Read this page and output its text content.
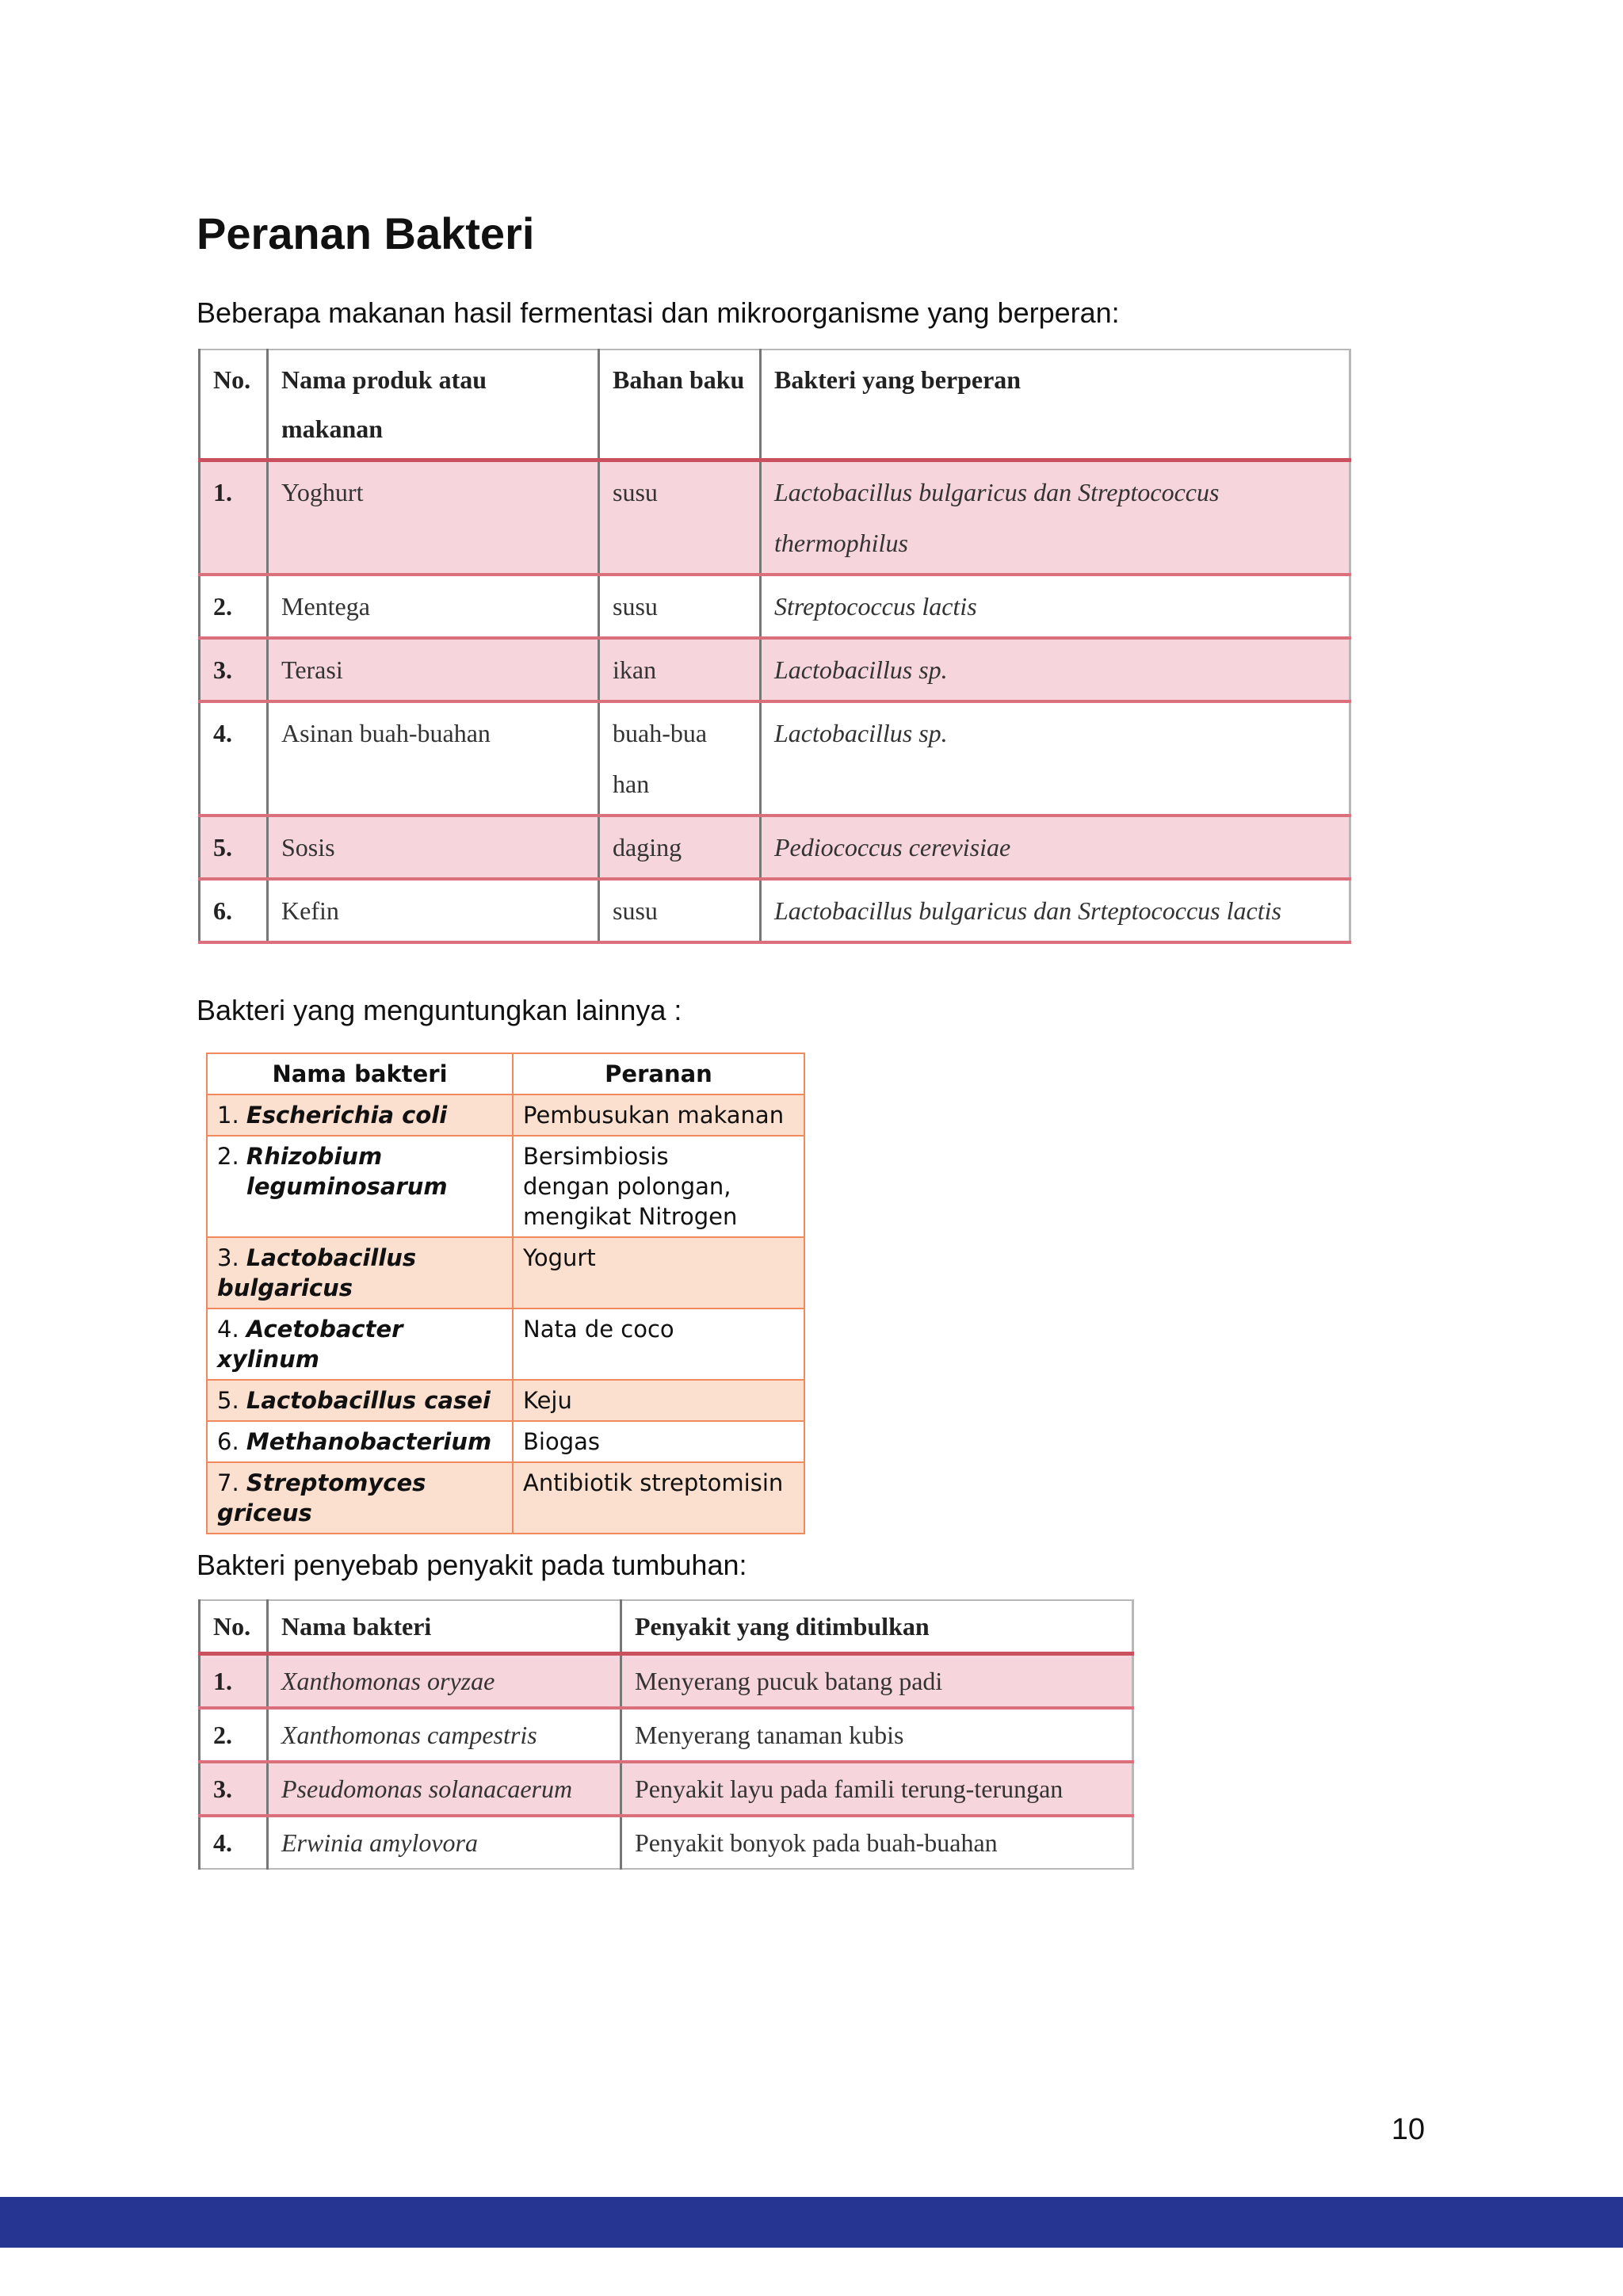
Peranan Bakteri

Beberapa makanan hasil fermentasi dan mikroorganisme yang berperan:

No.	Nama produk atau makanan	Bahan baku	Bakteri yang berperan
1.	Yoghurt	susu	Lactobacillus bulgaricus dan Streptococcus thermophilus
2.	Mentega	susu	Streptococcus lactis
3.	Terasi	ikan	Lactobacillus sp.
4.	Asinan buah-buahan	buah-buahan	Lactobacillus sp.
5.	Sosis	daging	Pediococcus cerevisiae
6.	Kefin	susu	Lactobacillus bulgaricus dan Srteptococcus lactis

Bakteri yang menguntungkan lainnya :

Nama bakteri	Peranan
1. Escherichia coli	Pembusukan makanan
2. Rhizobium leguminosarum	Bersimbiosis dengan polongan, mengikat Nitrogen
3. Lactobacillus bulgaricus	Yogurt
4. Acetobacter xylinum	Nata de coco
5. Lactobacillus casei	Keju
6. Methanobacterium	Biogas
7. Streptomyces griceus	Antibiotik streptomisin

Bakteri penyebab penyakit pada tumbuhan:

No.	Nama bakteri	Penyakit yang ditimbulkan
1.	Xanthomonas oryzae	Menyerang pucuk batang padi
2.	Xanthomonas campestris	Menyerang tanaman kubis
3.	Pseudomonas solanacaerum	Penyakit layu pada famili terung-terungan
4.	Erwinia amylovora	Penyakit bonyok pada buah-buahan

10
